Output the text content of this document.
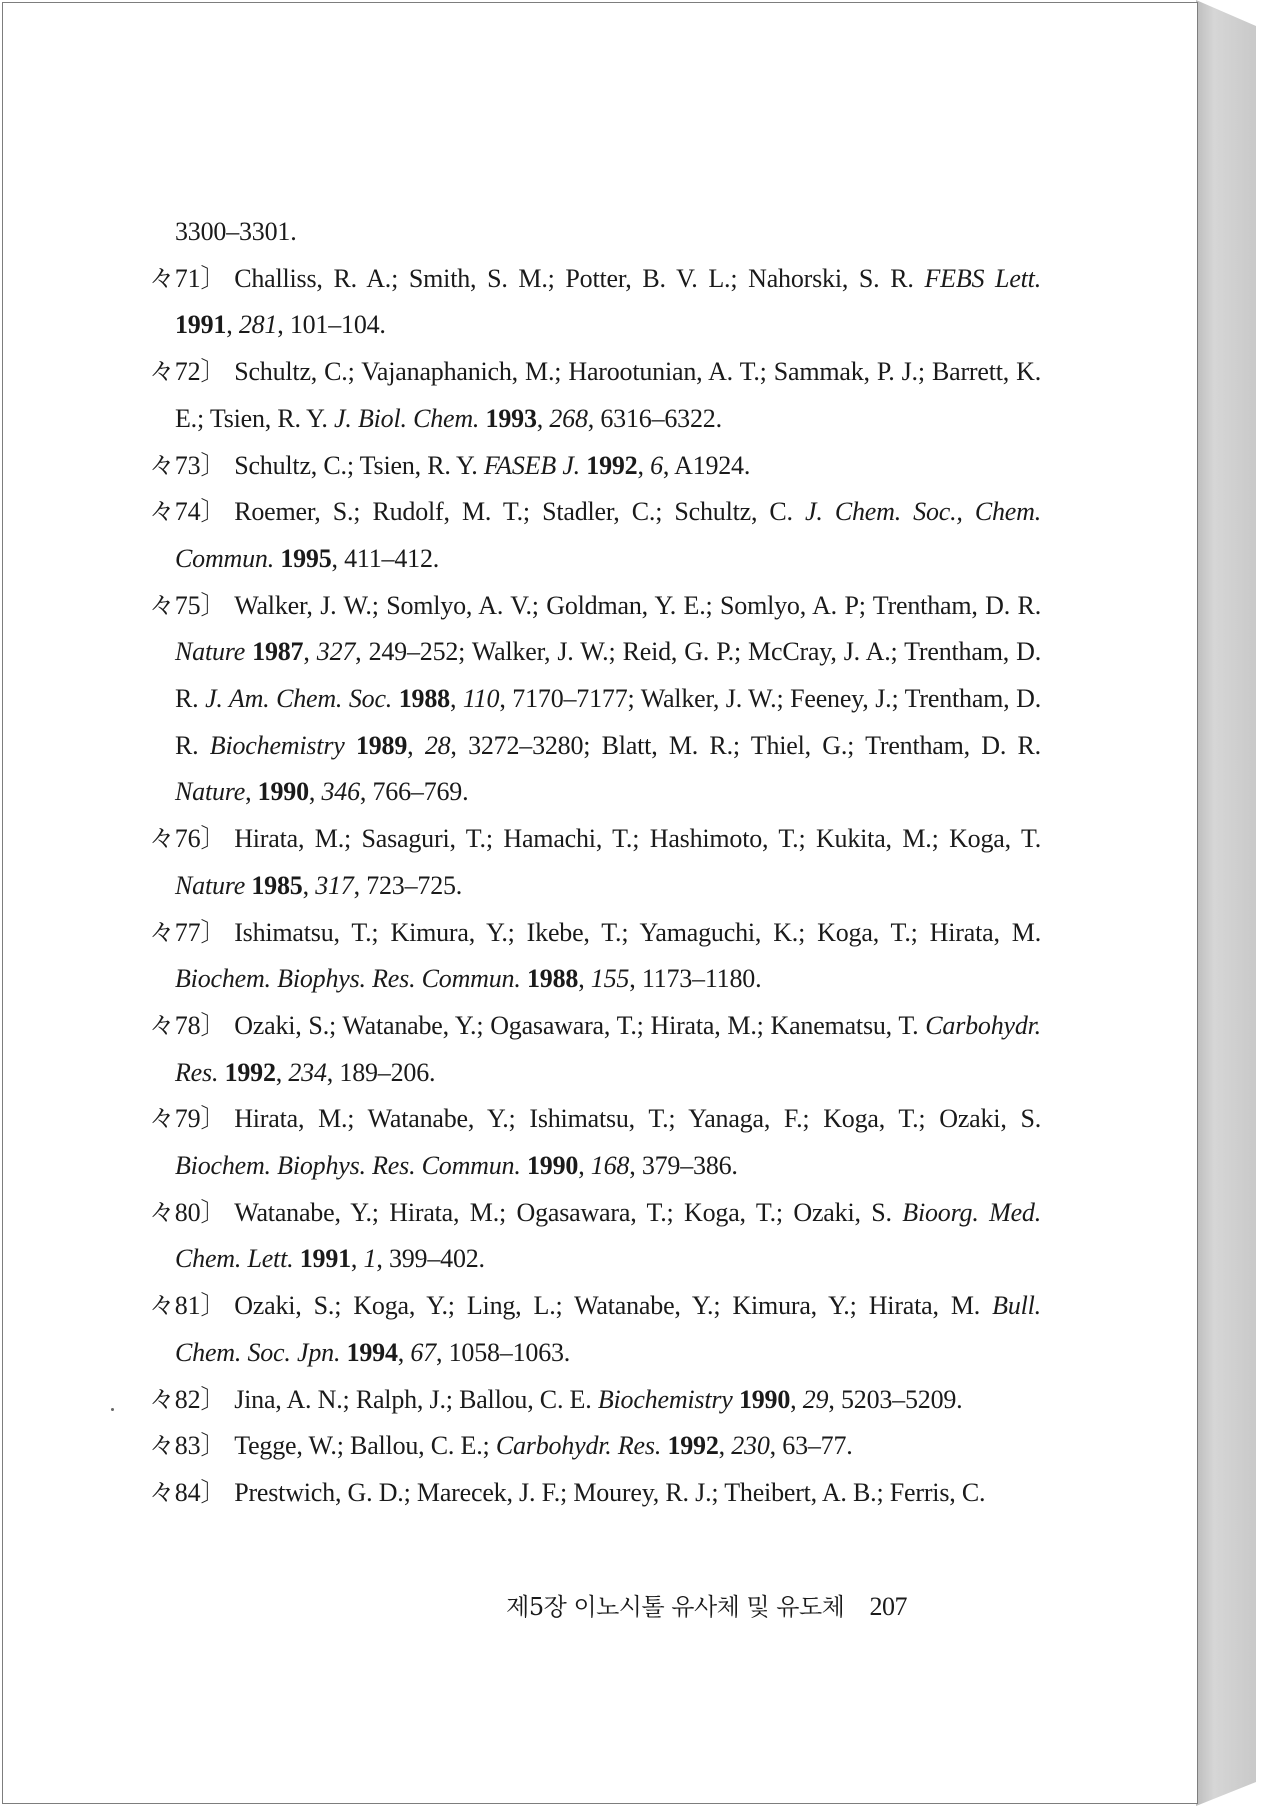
3300–3301.

々71〕 Challiss, R. A.; Smith, S. M.; Potter, B. V. L.; Nahorski, S. R. FEBS Lett. 1991, 281, 101–104.

々72〕 Schultz, C.; Vajanaphanich, M.; Harootunian, A. T.; Sammak, P. J.; Barrett, K. E.; Tsien, R. Y. J. Biol. Chem. 1993, 268, 6316–6322.

々73〕 Schultz, C.; Tsien, R. Y. FASEB J. 1992, 6, A1924.

々74〕 Roemer, S.; Rudolf, M. T.; Stadler, C.; Schultz, C. J. Chem. Soc., Chem. Commun. 1995, 411–412.

々75〕 Walker, J. W.; Somlyo, A. V.; Goldman, Y. E.; Somlyo, A. P; Trentham, D. R. Nature 1987, 327, 249–252; Walker, J. W.; Reid, G. P.; McCray, J. A.; Trentham, D. R. J. Am. Chem. Soc. 1988, 110, 7170–7177; Walker, J. W.; Feeney, J.; Trentham, D. R. Biochemistry 1989, 28, 3272–3280; Blatt, M. R.; Thiel, G.; Trentham, D. R. Nature, 1990, 346, 766–769.

々76〕 Hirata, M.; Sasaguri, T.; Hamachi, T.; Hashimoto, T.; Kukita, M.; Koga, T. Nature 1985, 317, 723–725.

々77〕 Ishimatsu, T.; Kimura, Y.; Ikebe, T.; Yamaguchi, K.; Koga, T.; Hirata, M. Biochem. Biophys. Res. Commun. 1988, 155, 1173–1180.

々78〕 Ozaki, S.; Watanabe, Y.; Ogasawara, T.; Hirata, M.; Kanematsu, T. Carbohydr. Res. 1992, 234, 189–206.

々79〕 Hirata, M.; Watanabe, Y.; Ishimatsu, T.; Yanaga, F.; Koga, T.; Ozaki, S. Biochem. Biophys. Res. Commun. 1990, 168, 379–386.

々80〕 Watanabe, Y.; Hirata, M.; Ogasawara, T.; Koga, T.; Ozaki, S. Bioorg. Med. Chem. Lett. 1991, 1, 399–402.

々81〕 Ozaki, S.; Koga, Y.; Ling, L.; Watanabe, Y.; Kimura, Y.; Hirata, M. Bull. Chem. Soc. Jpn. 1994, 67, 1058–1063.

々82〕 Jina, A. N.; Ralph, J.; Ballou, C. E. Biochemistry 1990, 29, 5203–5209.

々83〕 Tegge, W.; Ballou, C. E.; Carbohydr. Res. 1992, 230, 63–77.

々84〕 Prestwich, G. D.; Marecek, J. F.; Mourey, R. J.; Theibert, A. B.; Ferris, C.

제5장 이노시톨 유사체 및 유도체 207
